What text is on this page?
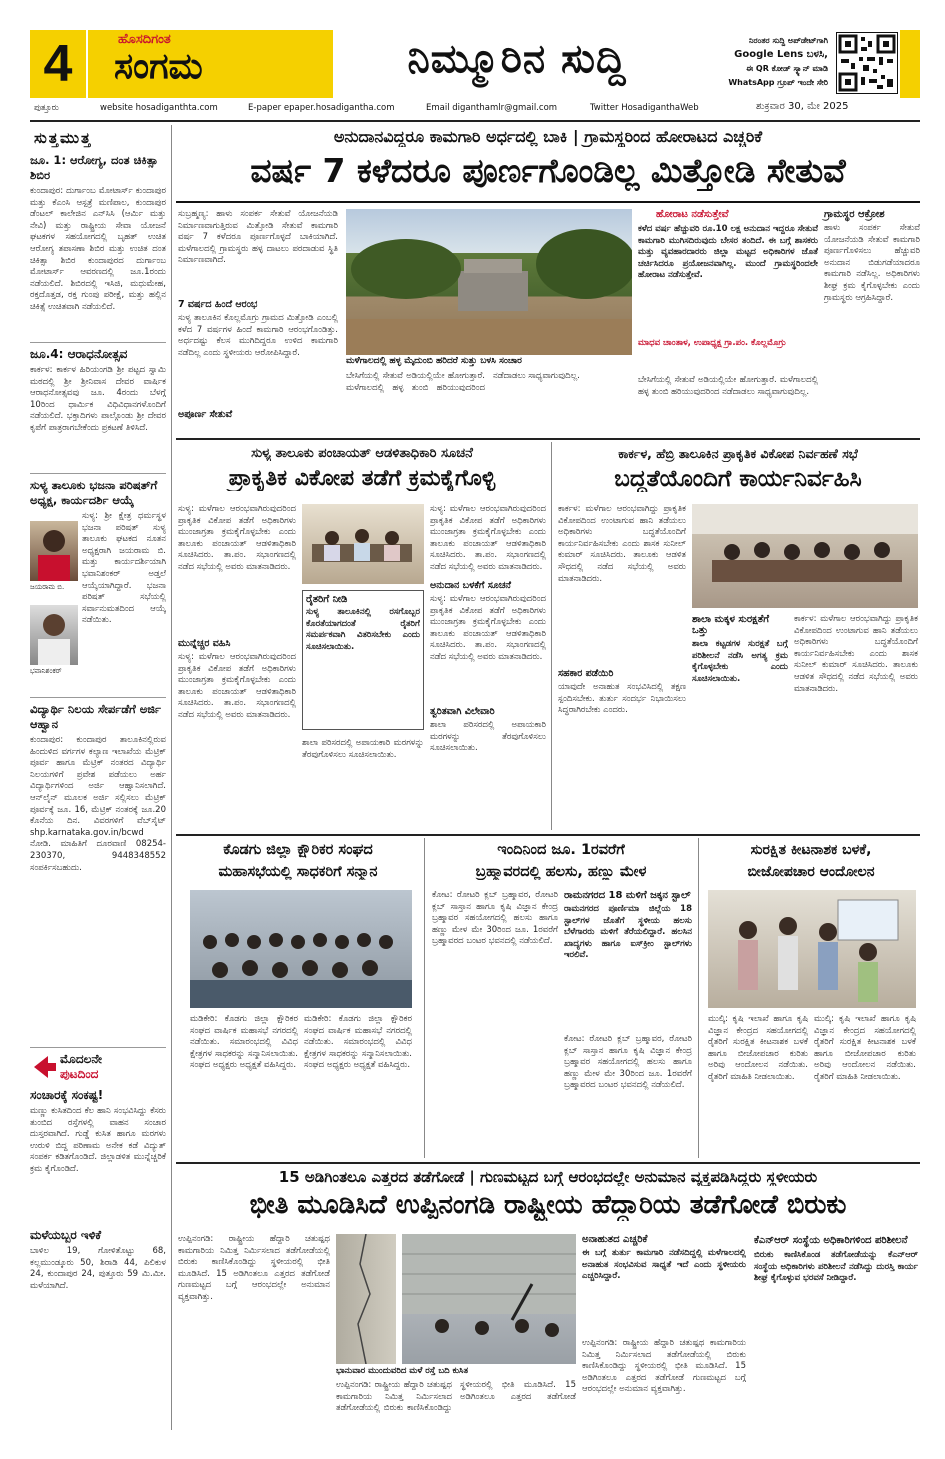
4	ಹೊಸದಿಗಂತ
ಸಂಗಮ	ನಿಮ್ಮೂರಿನ ಸುದ್ದಿ	ನಿರಂತರ ಸುದ್ದಿ ಅಪ್‌ಡೇಟ್‌ಗಾಗಿ
Google Lens ಬಳಸಿ,
ಈ QR ಕೋಡ್ ಸ್ಕ್ಯಾನ್ ಮಾಡಿ
WhatsApp ಗ್ರೂಪ್ ಇಂದೇ ಸೇರಿ
ಪುತ್ತೂರು	website hosadiganthta.com	E-paper epaper.hosadigantha.com	Email diganthamlr@gmail.com	Twitter HosadiganthaWeb	ಶುಕ್ರವಾರ 30, ಮೇ 2025
ಸುತ್ತಮುತ್ತ
ಜೂ. 1: ಆರೋಗ್ಯ, ದಂತ ಚಿಕಿತ್ಸಾ ಶಿಬಿರ
ಕುಂದಾಪುರ: ದುರ್ಗಾಂಬ ಮೋಟಾರ್ಸ್ ಕುಂದಾಪುರ ಮತ್ತು ಕೆಎಂಸಿ ಆಸ್ಪತ್ರೆ ಮಣಿಪಾಲ, ಕುಂದಾಪುರ ಡೆಂಟಲ್ ಕಾಲೇಜಿನ ಎನ್‌ಸಿಸಿ (ಆರ್ಮಿ ಮತ್ತು ನೇವಿ) ಮತ್ತು ರಾಷ್ಟ್ರೀಯ ಸೇವಾ ಯೋಜನೆ ಘಟಕಗಳ ಸಹಯೋಗದಲ್ಲಿ ಬೃಹತ್ ಉಚಿತ ಆರೋಗ್ಯ ತಪಾಸಣಾ ಶಿಬಿರ ಮತ್ತು ಉಚಿತ ದಂತ ಚಿಕಿತ್ಸಾ ಶಿಬಿರ ಕುಂದಾಪುರದ ದುರ್ಗಾಂಬ ಮೋಟಾರ್ಸ್ ಆವರಣದಲ್ಲಿ ಜೂ.1ರಂದು ನಡೆಯಲಿದೆ. ಶಿಬಿರದಲ್ಲಿ ಇಸಿಜಿ, ಮಧುಮೇಹ, ರಕ್ತದೊತ್ತಡ, ರಕ್ತ ಗುಂಪು ಪರೀಕ್ಷೆ, ಮತ್ತು ಹಲ್ಲಿನ ಚಿಕಿತ್ಸೆ ಉಚಿತವಾಗಿ ನಡೆಯಲಿದೆ.
ಜೂ.4: ಆರಾಧನೋತ್ಸವ
ಕಾರ್ಕಳ: ಕಾರ್ಕಳ ಹಿರಿಯಂಗಡಿ ಶ್ರೀ ಪಟ್ಟದ ಸ್ವಾಮಿ ಮಠದಲ್ಲಿ ಶ್ರೀ ಶ್ರೀನಿವಾಸ ದೇವರ ವಾರ್ಷಿಕ ಆರಾಧನೋತ್ಸವವು ಜೂ. 4ರಂದು ಬೆಳಗ್ಗೆ 10ರಿಂದ ಧಾರ್ಮಿಕ ವಿಧಿವಿಧಾನಗಳೊಂದಿಗೆ ನಡೆಯಲಿದೆ. ಭಕ್ತಾದಿಗಳು ಪಾಲ್ಗೊಂಡು ಶ್ರೀ ದೇವರ ಕೃಪೆಗೆ ಪಾತ್ರರಾಗಬೇಕೆಂದು ಪ್ರಕಟಣೆ ತಿಳಿಸಿದೆ.
ಸುಳ್ಯ ತಾಲೂಕು ಭಜನಾ ಪರಿಷತ್‌ಗೆ ಅಧ್ಯಕ್ಷ, ಕಾರ್ಯದರ್ಶಿ ಆಯ್ಕೆ
ಸುಳ್ಯ: ಶ್ರೀ ಕ್ಷೇತ್ರ ಧರ್ಮಸ್ಥಳ ಭಜನಾ ಪರಿಷತ್ ಸುಳ್ಯ ತಾಲೂಕು ಘಟಕದ ನೂತನ ಅಧ್ಯಕ್ಷರಾಗಿ ಜಯರಾಮ ಬಿ. ಮತ್ತು ಕಾರ್ಯದರ್ಶಿಯಾಗಿ ಭವಾನಿಶಂಕರ್ ಅಡ್ತಲೆ ಆಯ್ಕೆಯಾಗಿದ್ದಾರೆ. ಭಜನಾ ಪರಿಷತ್ ಸಭೆಯಲ್ಲಿ ಸರ್ವಾನುಮತದಿಂದ ಆಯ್ಕೆ ನಡೆಯಿತು.
ಜಯರಾಮ ಬಿ.
ಭವಾನಿಶಂಕರ್
ವಿದ್ಯಾರ್ಥಿ ನಿಲಯ ಸೇರ್ಪಡೆಗೆ ಅರ್ಜಿ ಆಹ್ವಾನ
ಕುಂದಾಪುರ: ಕುಂದಾಪುರ ತಾಲೂಕಿನಲ್ಲಿರುವ ಹಿಂದುಳಿದ ವರ್ಗಗಳ ಕಲ್ಯಾಣ ಇಲಾಖೆಯ ಮೆಟ್ರಿಕ್ ಪೂರ್ವ ಹಾಗೂ ಮೆಟ್ರಿಕ್ ನಂತರದ ವಿದ್ಯಾರ್ಥಿ ನಿಲಯಗಳಿಗೆ ಪ್ರವೇಶ ಪಡೆಯಲು ಅರ್ಹ ವಿದ್ಯಾರ್ಥಿಗಳಿಂದ ಅರ್ಜಿ ಆಹ್ವಾನಿಸಲಾಗಿದೆ. ಆನ್‌ಲೈನ್ ಮೂಲಕ ಅರ್ಜಿ ಸಲ್ಲಿಸಲು ಮೆಟ್ರಿಕ್ ಪೂರ್ವಕ್ಕೆ ಜೂ. 16, ಮೆಟ್ರಿಕ್ ನಂತರಕ್ಕೆ ಜೂ.20 ಕೊನೆಯ ದಿನ. ವಿವರಗಳಿಗೆ ವೆಬ್‌ಸೈಟ್ shp.karnataka.gov.in/bcwd ನೋಡಿ. ಮಾಹಿತಿಗೆ ದೂರವಾಣಿ 08254-230370, 9448348552 ಸಂಪರ್ಕಿಸಬಹುದು.
ಮೊದಲನೇ
ಪುಟದಿಂದ
ಸಂಚಾರಕ್ಕೆ ಸಂಕಷ್ಟ!
ಮಣ್ಣು ಕುಸಿತದಿಂದ ಕೆಲ ಹಾನಿ ಸಂಭವಿಸಿದ್ದು ಕೆಸರು ತುಂಬಿದ ರಸ್ತೆಗಳಲ್ಲಿ ವಾಹನ ಸಂಚಾರ ದುಸ್ತರವಾಗಿದೆ. ಗುಡ್ಡೆ ಕುಸಿತ ಹಾಗೂ ಮರಗಳು ಉರುಳಿ ಬಿದ್ದ ಪರಿಣಾಮ ಅನೇಕ ಕಡೆ ವಿದ್ಯುತ್ ಸಂಪರ್ಕ ಕಡಿತಗೊಂಡಿದೆ. ಜಿಲ್ಲಾಡಳಿತ ಮುನ್ನೆಚ್ಚರಿಕೆ ಕ್ರಮ ಕೈಗೊಂಡಿದೆ.
ಮಳೆಯಬ್ಬರ ಇಳಿಕೆ
ಬಾಳಿಲ 19, ಗೋಳಿತೊಟ್ಟು 68, ಕಲ್ಲಮುಂಡ್ಕೂರು 50, ಶಿರಾಡಿ 44, ಪಿಲಿಕುಳ 24, ಕುಂದಾಪುರ 24, ಪುತ್ತೂರು 59 ಮಿ.ಮೀ. ಮಳೆಯಾಗಿದೆ.
ಅನುದಾನವಿದ್ದರೂ ಕಾಮಗಾರಿ ಅರ್ಧದಲ್ಲಿ ಬಾಕಿ | ಗ್ರಾಮಸ್ಥರಿಂದ ಹೋರಾಟದ ಎಚ್ಚರಿಕೆ
ವರ್ಷ 7 ಕಳೆದರೂ ಪೂರ್ಣಗೊಂಡಿಲ್ಲ ಮಿತ್ತೋಡಿ ಸೇತುವೆ
ಸುಬ್ರಹ್ಮಣ್ಯ: ಹಾಳು ಸಂಪರ್ಕ ಸೇತುವೆ ಯೋಜನೆಯಡಿ ನಿರ್ಮಾಣವಾಗುತ್ತಿರುವ ಮಿತ್ತೋಡಿ ಸೇತುವೆ ಕಾಮಗಾರಿ ವರ್ಷ 7 ಕಳೆದರೂ ಪೂರ್ಣಗೊಳ್ಳದೆ ಬಾಕಿಯಾಗಿದೆ. ಮಳೆಗಾಲದಲ್ಲಿ ಗ್ರಾಮಸ್ಥರು ಹಳ್ಳ ದಾಟಲು ಪರದಾಡುವ ಸ್ಥಿತಿ ನಿರ್ಮಾಣವಾಗಿದೆ.
7 ವರ್ಷದ ಹಿಂದೆ ಆರಂಭ
ಸುಳ್ಯ ತಾಲೂಕಿನ ಕೊಲ್ಲಮೊಗ್ರು ಗ್ರಾಮದ ಮಿತ್ತೋಡಿ ಎಂಬಲ್ಲಿ ಕಳೆದ 7 ವರ್ಷಗಳ ಹಿಂದೆ ಕಾಮಗಾರಿ ಆರಂಭಗೊಂಡಿತ್ತು. ಅರ್ಧದಷ್ಟು ಕೆಲಸ ಮುಗಿದಿದ್ದರೂ ಉಳಿದ ಕಾಮಗಾರಿ ನಡೆದಿಲ್ಲ ಎಂದು ಸ್ಥಳೀಯರು ಆರೋಪಿಸಿದ್ದಾರೆ.
ಅಪೂರ್ಣ ಸೇತುವೆ
ಮಳೆಗಾಲದಲ್ಲಿ ಹಳ್ಳ ಮೈದುಂಬಿ ಹರಿದರೆ ಸುತ್ತು ಬಳಸಿ ಸಂಚಾರ
ಬೇಸಿಗೆಯಲ್ಲಿ ಸೇತುವೆ ಅಡಿಯಲ್ಲಿಯೇ ಹೋಗುತ್ತಾರೆ. ಮಳೆಗಾಲದಲ್ಲಿ ಹಳ್ಳ ತುಂಬಿ ಹರಿಯುವುದರಿಂದ ನಡೆದಾಡಲು ಸಾಧ್ಯವಾಗುವುದಿಲ್ಲ.
ಹೋರಾಟ ನಡೆಸುತ್ತೇವೆ
ಕಳೆದ ವರ್ಷ ಹೆಚ್ಚುವರಿ ರೂ.10 ಲಕ್ಷ ಅನುದಾನ ಇದ್ದರೂ ಸೇತುವೆ ಕಾಮಗಾರಿ ಮುಗಿಸದಿರುವುದು ಬೇಸರ ತಂದಿದೆ. ಈ ಬಗ್ಗೆ ಶಾಸಕರು ಮತ್ತು ವ್ಯವಹಾರದಾರರು ಜಿಲ್ಲಾ ಮಟ್ಟದ ಅಧಿಕಾರಿಗಳ ಜೊತೆ ಚರ್ಚಿಸಿದರೂ ಪ್ರಯೋಜನವಾಗಿಲ್ಲ. ಮುಂದೆ ಗ್ರಾಮಸ್ಥರಿಂದಲೇ ಹೋರಾಟ ನಡೆಸುತ್ತೇವೆ.
ಮಾಧವ ಚಾಂತಾಳ, ಉಪಾಧ್ಯಕ್ಷ ಗ್ರಾ.ಪಂ. ಕೊಲ್ಲಮೊಗ್ರು
ಬೇಸಿಗೆಯಲ್ಲಿ ಸೇತುವೆ ಅಡಿಯಲ್ಲಿಯೇ ಹೋಗುತ್ತಾರೆ. ಮಳೆಗಾಲದಲ್ಲಿ ಹಳ್ಳ ತುಂಬಿ ಹರಿಯುವುದರಿಂದ ನಡೆದಾಡಲು ಸಾಧ್ಯವಾಗುವುದಿಲ್ಲ.
ಗ್ರಾಮಸ್ಥರ ಆಕ್ರೋಶ
ಹಾಳು ಸಂಪರ್ಕ ಸೇತುವೆ ಯೋಜನೆಯಡಿ ಸೇತುವೆ ಕಾಮಗಾರಿ ಪೂರ್ಣಗೊಳಿಸಲು ಹೆಚ್ಚುವರಿ ಅನುದಾನ ಬಿಡುಗಡೆಯಾದರೂ ಕಾಮಗಾರಿ ನಡೆಸಿಲ್ಲ. ಅಧಿಕಾರಿಗಳು ಶೀಘ್ರ ಕ್ರಮ ಕೈಗೊಳ್ಳಬೇಕು ಎಂದು ಗ್ರಾಮಸ್ಥರು ಆಗ್ರಹಿಸಿದ್ದಾರೆ.
ಸುಳ್ಯ ತಾಲೂಕು ಪಂಚಾಯತ್ ಆಡಳಿತಾಧಿಕಾರಿ ಸೂಚನೆ
ಪ್ರಾಕೃತಿಕ ವಿಕೋಪ ತಡೆಗೆ ಕ್ರಮಕೈಗೊಳ್ಳಿ
ಸುಳ್ಯ: ಮಳೆಗಾಲ ಆರಂಭವಾಗಿರುವುದರಿಂದ ಪ್ರಾಕೃತಿಕ ವಿಕೋಪ ತಡೆಗೆ ಅಧಿಕಾರಿಗಳು ಮುಂಜಾಗ್ರತಾ ಕ್ರಮಕೈಗೊಳ್ಳಬೇಕು ಎಂದು ತಾಲೂಕು ಪಂಚಾಯತ್ ಆಡಳಿತಾಧಿಕಾರಿ ಸೂಚಿಸಿದರು. ತಾ.ಪಂ. ಸಭಾಂಗಣದಲ್ಲಿ ನಡೆದ ಸಭೆಯಲ್ಲಿ ಅವರು ಮಾತನಾಡಿದರು.
ಮುನ್ನೆಚ್ಚರ ವಹಿಸಿ
ಸುಳ್ಯ: ಮಳೆಗಾಲ ಆರಂಭವಾಗಿರುವುದರಿಂದ ಪ್ರಾಕೃತಿಕ ವಿಕೋಪ ತಡೆಗೆ ಅಧಿಕಾರಿಗಳು ಮುಂಜಾಗ್ರತಾ ಕ್ರಮಕೈಗೊಳ್ಳಬೇಕು ಎಂದು ತಾಲೂಕು ಪಂಚಾಯತ್ ಆಡಳಿತಾಧಿಕಾರಿ ಸೂಚಿಸಿದರು. ತಾ.ಪಂ. ಸಭಾಂಗಣದಲ್ಲಿ ನಡೆದ ಸಭೆಯಲ್ಲಿ ಅವರು ಮಾತನಾಡಿದರು.
ರೈತರಿಗೆ ನೀಡಿ
ಸುಳ್ಯ ತಾಲೂಕಿನಲ್ಲಿ ರಸಗೊಬ್ಬರ ಕೊರತೆಯಾಗದಂತೆ ರೈತರಿಗೆ ಸಮರ್ಪಕವಾಗಿ ವಿತರಿಸಬೇಕು ಎಂದು ಸೂಚಿಸಲಾಯಿತು.
ಶಾಲಾ ಪರಿಸರದಲ್ಲಿ ಅಪಾಯಕಾರಿ ಮರಗಳನ್ನು ತೆರವುಗೊಳಿಸಲು ಸೂಚಿಸಲಾಯಿತು.
ಸುಳ್ಯ: ಮಳೆಗಾಲ ಆರಂಭವಾಗಿರುವುದರಿಂದ ಪ್ರಾಕೃತಿಕ ವಿಕೋಪ ತಡೆಗೆ ಅಧಿಕಾರಿಗಳು ಮುಂಜಾಗ್ರತಾ ಕ್ರಮಕೈಗೊಳ್ಳಬೇಕು ಎಂದು ತಾಲೂಕು ಪಂಚಾಯತ್ ಆಡಳಿತಾಧಿಕಾರಿ ಸೂಚಿಸಿದರು. ತಾ.ಪಂ. ಸಭಾಂಗಣದಲ್ಲಿ ನಡೆದ ಸಭೆಯಲ್ಲಿ ಅವರು ಮಾತನಾಡಿದರು.
ಅನುದಾನ ಬಳಕೆಗೆ ಸೂಚನೆ
ಸುಳ್ಯ: ಮಳೆಗಾಲ ಆರಂಭವಾಗಿರುವುದರಿಂದ ಪ್ರಾಕೃತಿಕ ವಿಕೋಪ ತಡೆಗೆ ಅಧಿಕಾರಿಗಳು ಮುಂಜಾಗ್ರತಾ ಕ್ರಮಕೈಗೊಳ್ಳಬೇಕು ಎಂದು ತಾಲೂಕು ಪಂಚಾಯತ್ ಆಡಳಿತಾಧಿಕಾರಿ ಸೂಚಿಸಿದರು. ತಾ.ಪಂ. ಸಭಾಂಗಣದಲ್ಲಿ ನಡೆದ ಸಭೆಯಲ್ಲಿ ಅವರು ಮಾತನಾಡಿದರು.
ತ್ವರಿತವಾಗಿ ವಿಲೇವಾರಿ
ಶಾಲಾ ಪರಿಸರದಲ್ಲಿ ಅಪಾಯಕಾರಿ ಮರಗಳನ್ನು ತೆರವುಗೊಳಿಸಲು ಸೂಚಿಸಲಾಯಿತು.
ಕಾರ್ಕಳ, ಹೆಬ್ರಿ ತಾಲೂಕಿನ ಪ್ರಾಕೃತಿಕ ವಿಕೋಪ ನಿರ್ವಹಣೆ ಸಭೆ
ಬದ್ಧತೆಯೊಂದಿಗೆ ಕಾರ್ಯನಿರ್ವಹಿಸಿ
ಕಾರ್ಕಳ: ಮಳೆಗಾಲ ಆರಂಭವಾಗಿದ್ದು ಪ್ರಾಕೃತಿಕ ವಿಕೋಪದಿಂದ ಉಂಟಾಗುವ ಹಾನಿ ತಡೆಯಲು ಅಧಿಕಾರಿಗಳು ಬದ್ಧತೆಯೊಂದಿಗೆ ಕಾರ್ಯನಿರ್ವಹಿಸಬೇಕು ಎಂದು ಶಾಸಕ ಸುನೀಲ್ ಕುಮಾರ್ ಸೂಚಿಸಿದರು. ತಾಲೂಕು ಆಡಳಿತ ಸೌಧದಲ್ಲಿ ನಡೆದ ಸಭೆಯಲ್ಲಿ ಅವರು ಮಾತನಾಡಿದರು.
ಸಹಕಾರ ಪಡೆಯಿರಿ
ಯಾವುದೇ ಅನಾಹುತ ಸಂಭವಿಸಿದಲ್ಲಿ ತಕ್ಷಣ ಸ್ಪಂದಿಸಬೇಕು. ತುರ್ತು ಸಂದರ್ಭ ನಿಭಾಯಿಸಲು ಸಿದ್ಧರಾಗಿರಬೇಕು ಎಂದರು.
ಶಾಲಾ ಮಕ್ಕಳ ಸುರಕ್ಷತೆಗೆ ಒತ್ತು
ಶಾಲಾ ಕಟ್ಟಡಗಳ ಸುರಕ್ಷತೆ ಬಗ್ಗೆ ಪರಿಶೀಲನೆ ನಡೆಸಿ ಅಗತ್ಯ ಕ್ರಮ ಕೈಗೊಳ್ಳಬೇಕು ಎಂದು ಸೂಚಿಸಲಾಯಿತು.
ಕಾರ್ಕಳ: ಮಳೆಗಾಲ ಆರಂಭವಾಗಿದ್ದು ಪ್ರಾಕೃತಿಕ ವಿಕೋಪದಿಂದ ಉಂಟಾಗುವ ಹಾನಿ ತಡೆಯಲು ಅಧಿಕಾರಿಗಳು ಬದ್ಧತೆಯೊಂದಿಗೆ ಕಾರ್ಯನಿರ್ವಹಿಸಬೇಕು ಎಂದು ಶಾಸಕ ಸುನೀಲ್ ಕುಮಾರ್ ಸೂಚಿಸಿದರು. ತಾಲೂಕು ಆಡಳಿತ ಸೌಧದಲ್ಲಿ ನಡೆದ ಸಭೆಯಲ್ಲಿ ಅವರು ಮಾತನಾಡಿದರು.
ಕೊಡಗು ಜಿಲ್ಲಾ ಕ್ಷೌರಿಕರ ಸಂಘದ
ಮಹಾಸಭೆಯಲ್ಲಿ ಸಾಧಕರಿಗೆ ಸನ್ಮಾನ
ಮಡಿಕೇರಿ: ಕೊಡಗು ಜಿಲ್ಲಾ ಕ್ಷೌರಿಕರ ಸಂಘದ ವಾರ್ಷಿಕ ಮಹಾಸಭೆ ನಗರದಲ್ಲಿ ನಡೆಯಿತು. ಸಮಾರಂಭದಲ್ಲಿ ವಿವಿಧ ಕ್ಷೇತ್ರಗಳ ಸಾಧಕರನ್ನು ಸನ್ಮಾನಿಸಲಾಯಿತು. ಸಂಘದ ಅಧ್ಯಕ್ಷರು ಅಧ್ಯಕ್ಷತೆ ವಹಿಸಿದ್ದರು.
ಮಡಿಕೇರಿ: ಕೊಡಗು ಜಿಲ್ಲಾ ಕ್ಷೌರಿಕರ ಸಂಘದ ವಾರ್ಷಿಕ ಮಹಾಸಭೆ ನಗರದಲ್ಲಿ ನಡೆಯಿತು. ಸಮಾರಂಭದಲ್ಲಿ ವಿವಿಧ ಕ್ಷೇತ್ರಗಳ ಸಾಧಕರನ್ನು ಸನ್ಮಾನಿಸಲಾಯಿತು. ಸಂಘದ ಅಧ್ಯಕ್ಷರು ಅಧ್ಯಕ್ಷತೆ ವಹಿಸಿದ್ದರು.
ಇಂದಿನಿಂದ ಜೂ. 1ರವರೆಗೆ
ಬ್ರಹ್ಮಾವರದಲ್ಲಿ ಹಲಸು, ಹಣ್ಣು ಮೇಳ
ಕೋಟ: ರೋಟರಿ ಕ್ಲಬ್ ಬ್ರಹ್ಮಾವರ, ರೋಟರಿ ಕ್ಲಬ್ ಸಾಸ್ತಾನ ಹಾಗೂ ಕೃಷಿ ವಿಜ್ಞಾನ ಕೇಂದ್ರ ಬ್ರಹ್ಮಾವರ ಸಹಯೋಗದಲ್ಲಿ ಹಲಸು ಹಾಗೂ ಹಣ್ಣು ಮೇಳ ಮೇ 30ರಿಂದ ಜೂ. 1ರವರೆಗೆ ಬ್ರಹ್ಮಾವರದ ಬಂಟರ ಭವನದಲ್ಲಿ ನಡೆಯಲಿದೆ.
ರಾಮನಗರದ 18 ಮಳಿಗೆ ಜಕ್ಕನ ಸ್ಟಾಲ್
ರಾಮನಗರದ ಪೂರ್ಣಿಮಾ ಜಿಲ್ಲೆಯ 18 ಸ್ಟಾಲ್‌ಗಳ ಜೊತೆಗೆ ಸ್ಥಳೀಯ ಹಲಸು ಬೆಳೆಗಾರರು ಮಳಿಗೆ ತೆರೆಯಲಿದ್ದಾರೆ. ಹಲಸಿನ ಖಾದ್ಯಗಳು ಹಾಗೂ ಐಸ್‌ಕ್ರೀಂ ಸ್ಟಾಲ್‌ಗಳು ಇರಲಿವೆ.
ಕೋಟ: ರೋಟರಿ ಕ್ಲಬ್ ಬ್ರಹ್ಮಾವರ, ರೋಟರಿ ಕ್ಲಬ್ ಸಾಸ್ತಾನ ಹಾಗೂ ಕೃಷಿ ವಿಜ್ಞಾನ ಕೇಂದ್ರ ಬ್ರಹ್ಮಾವರ ಸಹಯೋಗದಲ್ಲಿ ಹಲಸು ಹಾಗೂ ಹಣ್ಣು ಮೇಳ ಮೇ 30ರಿಂದ ಜೂ. 1ರವರೆಗೆ ಬ್ರಹ್ಮಾವರದ ಬಂಟರ ಭವನದಲ್ಲಿ ನಡೆಯಲಿದೆ.
ಸುರಕ್ಷಿತ ಕೀಟನಾಶಕ ಬಳಕೆ,
ಬೀಜೋಪಚಾರ ಆಂದೋಲನ
ಮುಲ್ಕಿ: ಕೃಷಿ ಇಲಾಖೆ ಹಾಗೂ ಕೃಷಿ ವಿಜ್ಞಾನ ಕೇಂದ್ರದ ಸಹಯೋಗದಲ್ಲಿ ರೈತರಿಗೆ ಸುರಕ್ಷಿತ ಕೀಟನಾಶಕ ಬಳಕೆ ಹಾಗೂ ಬೀಜೋಪಚಾರ ಕುರಿತು ಅರಿವು ಆಂದೋಲನ ನಡೆಯಿತು. ರೈತರಿಗೆ ಮಾಹಿತಿ ನೀಡಲಾಯಿತು.
ಮುಲ್ಕಿ: ಕೃಷಿ ಇಲಾಖೆ ಹಾಗೂ ಕೃಷಿ ವಿಜ್ಞಾನ ಕೇಂದ್ರದ ಸಹಯೋಗದಲ್ಲಿ ರೈತರಿಗೆ ಸುರಕ್ಷಿತ ಕೀಟನಾಶಕ ಬಳಕೆ ಹಾಗೂ ಬೀಜೋಪಚಾರ ಕುರಿತು ಅರಿವು ಆಂದೋಲನ ನಡೆಯಿತು. ರೈತರಿಗೆ ಮಾಹಿತಿ ನೀಡಲಾಯಿತು.
15 ಅಡಿಗಿಂತಲೂ ಎತ್ತರದ ತಡೆಗೋಡೆ | ಗುಣಮಟ್ಟದ ಬಗ್ಗೆ ಆರಂಭದಲ್ಲೇ ಅನುಮಾನ ವ್ಯಕ್ತಪಡಿಸಿದ್ದರು ಸ್ಥಳೀಯರು
ಭೀತಿ ಮೂಡಿಸಿದೆ ಉಪ್ಪಿನಂಗಡಿ ರಾಷ್ಟ್ರೀಯ ಹೆದ್ದಾರಿಯ ತಡೆಗೋಡೆ ಬಿರುಕು
ಉಪ್ಪಿನಂಗಡಿ: ರಾಷ್ಟ್ರೀಯ ಹೆದ್ದಾರಿ ಚತುಷ್ಪಥ ಕಾಮಗಾರಿಯ ನಿಮಿತ್ತ ನಿರ್ಮಿಸಲಾದ ತಡೆಗೋಡೆಯಲ್ಲಿ ಬಿರುಕು ಕಾಣಿಸಿಕೊಂಡಿದ್ದು ಸ್ಥಳೀಯರಲ್ಲಿ ಭೀತಿ ಮೂಡಿಸಿದೆ. 15 ಅಡಿಗಿಂತಲೂ ಎತ್ತರದ ತಡೆಗೋಡೆ ಗುಣಮಟ್ಟದ ಬಗ್ಗೆ ಆರಂಭದಲ್ಲೇ ಅನುಮಾನ ವ್ಯಕ್ತವಾಗಿತ್ತು.
ಭಾನುವಾರ ಮುಂದುವರಿದ ಮಳೆ ರಸ್ತೆ ಬದಿ ಕುಸಿತ
ಉಪ್ಪಿನಂಗಡಿ: ರಾಷ್ಟ್ರೀಯ ಹೆದ್ದಾರಿ ಚತುಷ್ಪಥ ಕಾಮಗಾರಿಯ ನಿಮಿತ್ತ ನಿರ್ಮಿಸಲಾದ ತಡೆಗೋಡೆಯಲ್ಲಿ ಬಿರುಕು ಕಾಣಿಸಿಕೊಂಡಿದ್ದು ಸ್ಥಳೀಯರಲ್ಲಿ ಭೀತಿ ಮೂಡಿಸಿದೆ. 15 ಅಡಿಗಿಂತಲೂ ಎತ್ತರದ ತಡೆಗೋಡೆ
ಅನಾಹುತದ ಎಚ್ಚರಿಕೆ
ಈ ಬಗ್ಗೆ ತುರ್ತು ಕಾಮಗಾರಿ ನಡೆಸದಿದ್ದಲ್ಲಿ ಮಳೆಗಾಲದಲ್ಲಿ ಅನಾಹುತ ಸಂಭವಿಸುವ ಸಾಧ್ಯತೆ ಇದೆ ಎಂದು ಸ್ಥಳೀಯರು ಎಚ್ಚರಿಸಿದ್ದಾರೆ.
ಉಪ್ಪಿನಂಗಡಿ: ರಾಷ್ಟ್ರೀಯ ಹೆದ್ದಾರಿ ಚತುಷ್ಪಥ ಕಾಮಗಾರಿಯ ನಿಮಿತ್ತ ನಿರ್ಮಿಸಲಾದ ತಡೆಗೋಡೆಯಲ್ಲಿ ಬಿರುಕು ಕಾಣಿಸಿಕೊಂಡಿದ್ದು ಸ್ಥಳೀಯರಲ್ಲಿ ಭೀತಿ ಮೂಡಿಸಿದೆ. 15 ಅಡಿಗಿಂತಲೂ ಎತ್ತರದ ತಡೆಗೋಡೆ ಗುಣಮಟ್ಟದ ಬಗ್ಗೆ ಆರಂಭದಲ್ಲೇ ಅನುಮಾನ ವ್ಯಕ್ತವಾಗಿತ್ತು.
ಕೆಎನ್‌ಆರ್ ಸಂಸ್ಥೆಯ ಅಧಿಕಾರಿಗಳಿಂದ ಪರಿಶೀಲನೆ
ಬಿರುಕು ಕಾಣಿಸಿಕೊಂಡ ತಡೆಗೋಡೆಯನ್ನು ಕೆಎನ್‌ಆರ್ ಸಂಸ್ಥೆಯ ಅಧಿಕಾರಿಗಳು ಪರಿಶೀಲನೆ ನಡೆಸಿದ್ದು ದುರಸ್ತಿ ಕಾರ್ಯ ಶೀಘ್ರ ಕೈಗೊಳ್ಳುವ ಭರವಸೆ ನೀಡಿದ್ದಾರೆ.
